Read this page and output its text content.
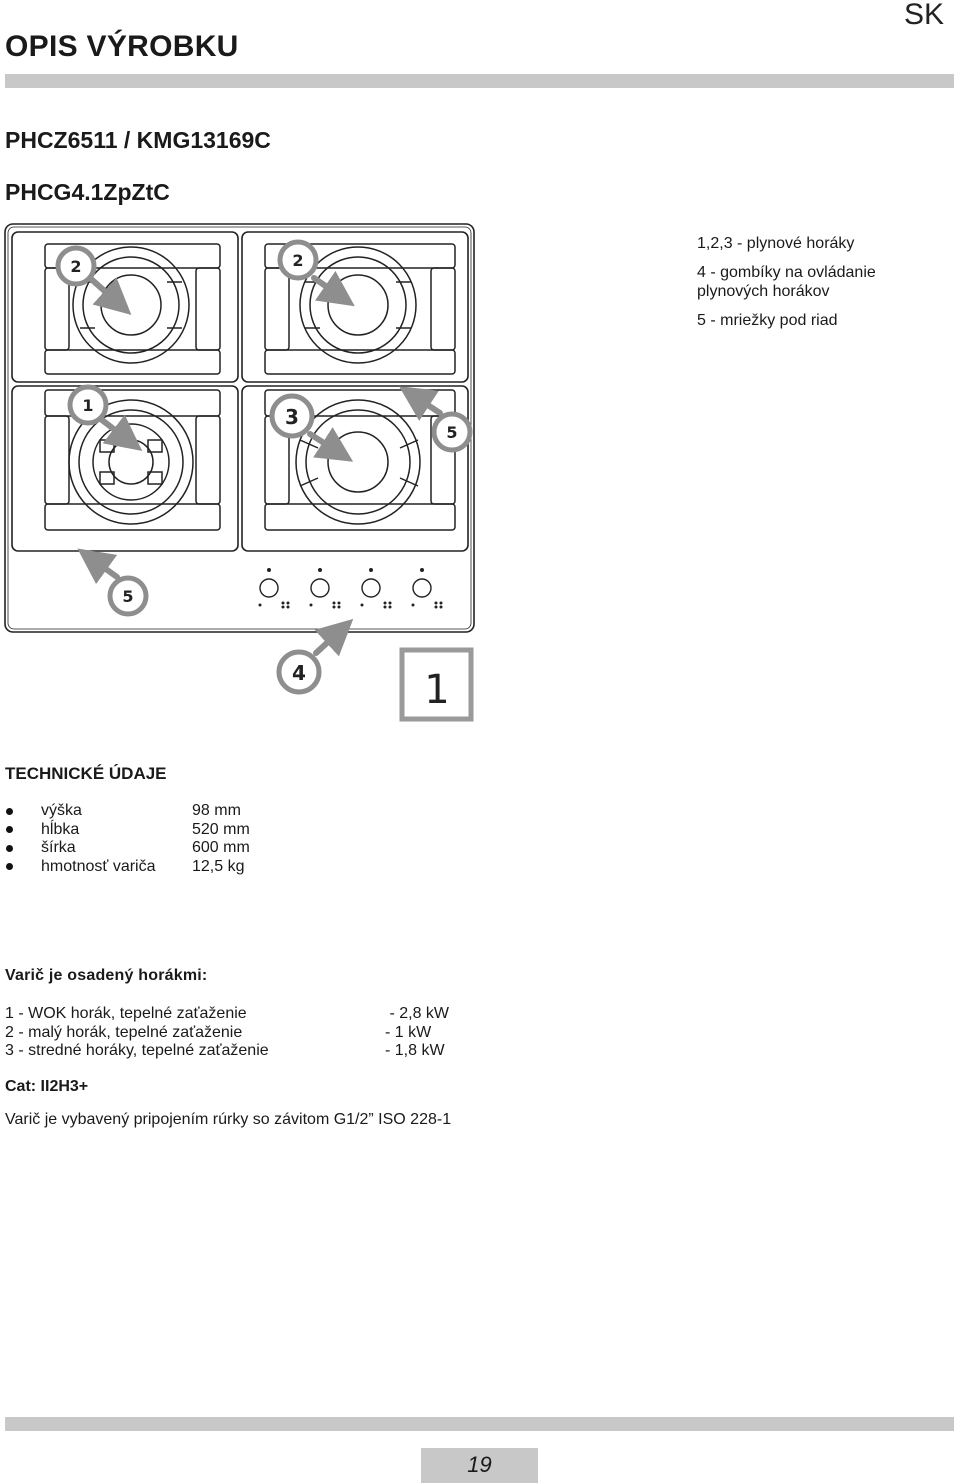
SK
OPIS VÝROBKU
PHCZ6511 / KMG13169C
PHCG4.1ZpZtC
2	2
1	3
5
5
4	1
1,2,3 - plynové horáky
4 - gombíky na ovládanie plynových horákov
5 - mriežky pod riad
TECHNICKÉ ÚDAJE
výška	98 mm
hĺbka	520 mm
šírka	600 mm
hmotnosť variča	12,5 kg
Varič je osadený horákmi:
1 - WOK horák, tepelné zaťaženie	- 2,8 kW
2 - malý horák, tepelné zaťaženie	- 1 kW
3 - stredné horáky, tepelné zaťaženie	- 1,8 kW
Cat: II2H3+
Varič je vybavený pripojením rúrky so závitom G1/2” ISO 228-1
19
